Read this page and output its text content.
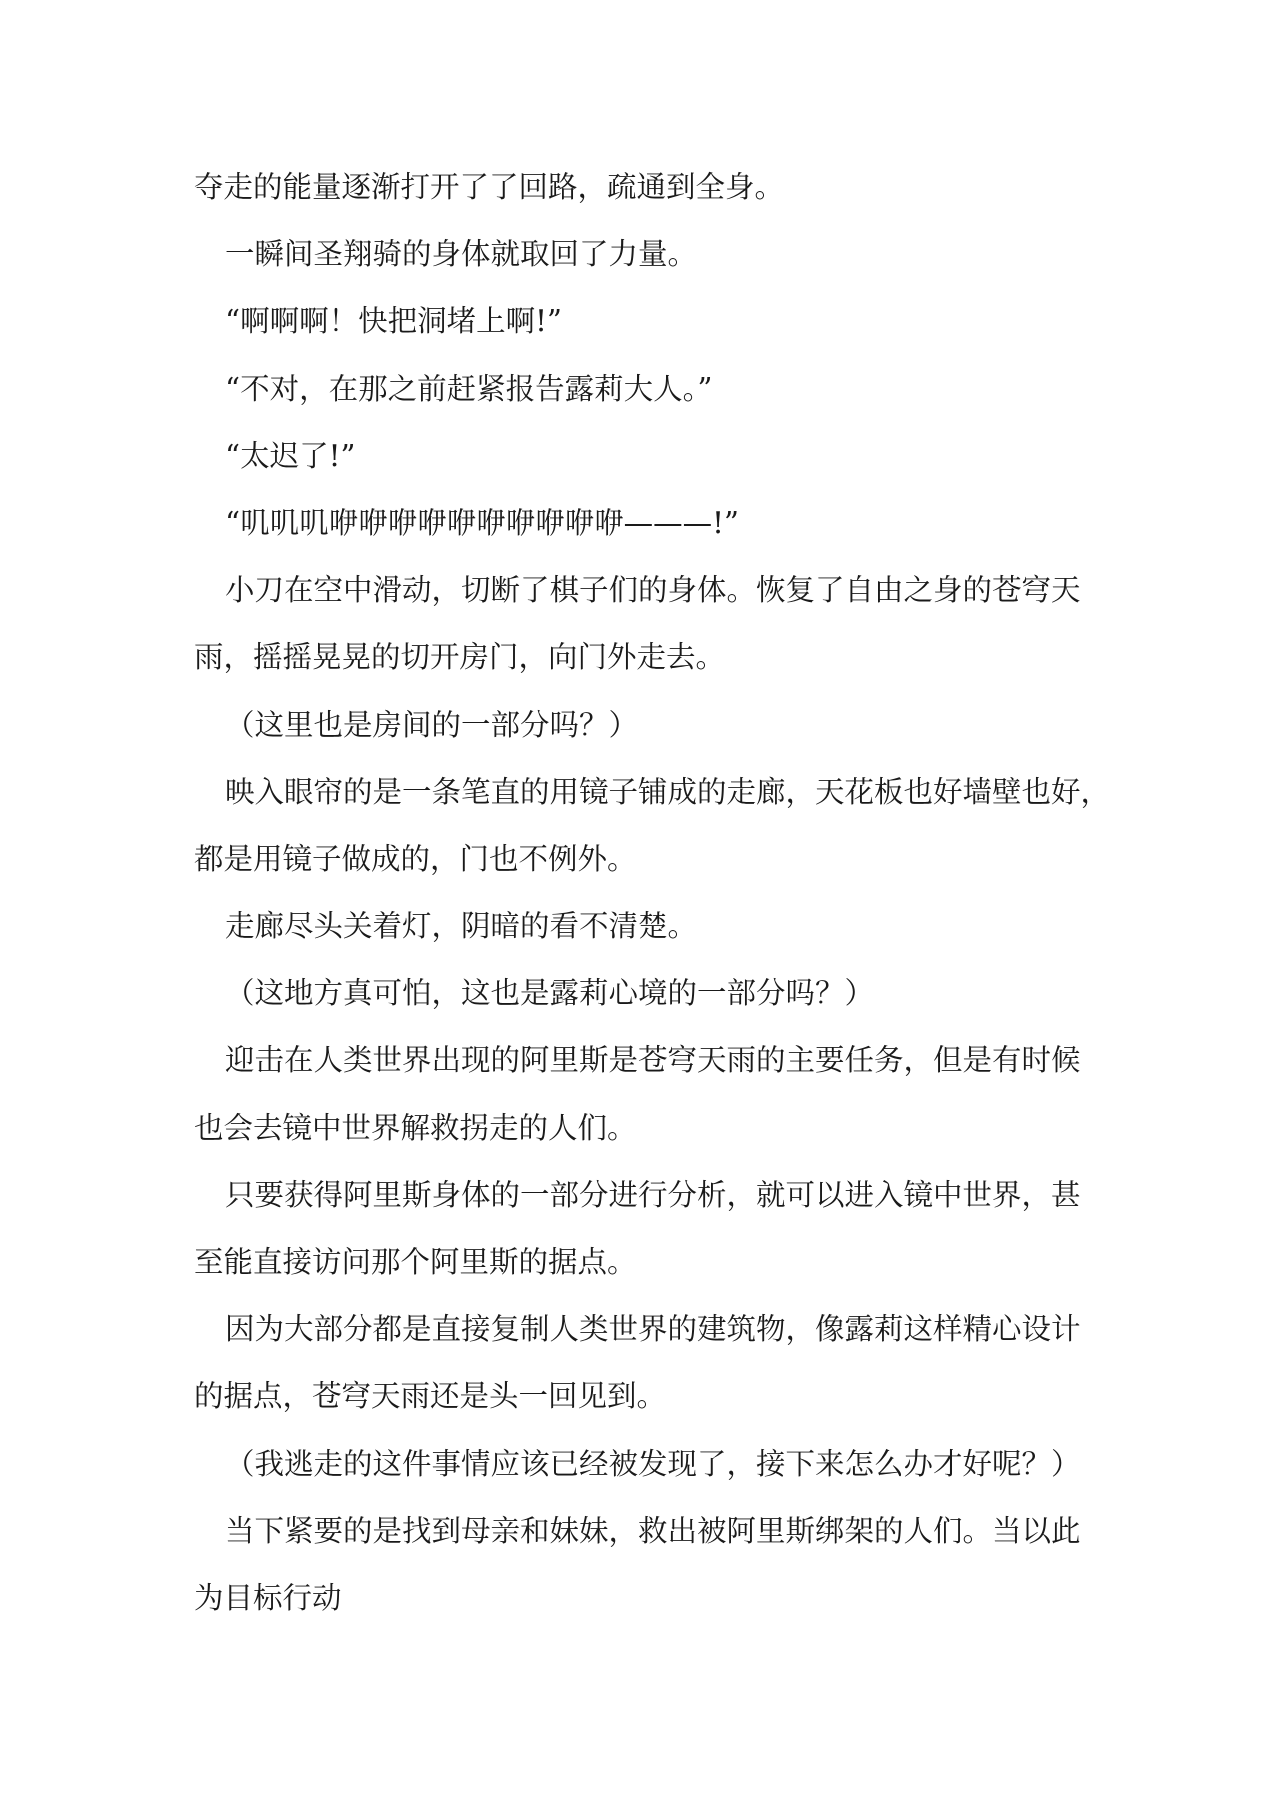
夺走的能量逐渐打开了了回路，疏通到全身。
一瞬间圣翔骑的身体就取回了力量。
“啊啊啊！快把洞堵上啊!”
“不对，在那之前赶紧报告露莉大人。”
“太迟了!”
“叽叽叽咿咿咿咿咿咿咿咿咿咿———!”
小刀在空中滑动，切断了棋子们的身体。恢复了自由之身的苍穹天
雨，摇摇晃晃的切开房门，向门外走去。
（这里也是房间的一部分吗？）
映入眼帘的是一条笔直的用镜子铺成的走廊，天花板也好墙壁也好，
都是用镜子做成的，门也不例外。
走廊尽头关着灯，阴暗的看不清楚。
（这地方真可怕，这也是露莉心境的一部分吗？）
迎击在人类世界出现的阿里斯是苍穹天雨的主要任务，但是有时候
也会去镜中世界解救拐走的人们。
只要获得阿里斯身体的一部分进行分析，就可以进入镜中世界，甚
至能直接访问那个阿里斯的据点。
因为大部分都是直接复制人类世界的建筑物，像露莉这样精心设计
的据点，苍穹天雨还是头一回见到。
（我逃走的这件事情应该已经被发现了，接下来怎么办才好呢？）
当下紧要的是找到母亲和妹妹，救出被阿里斯绑架的人们。当以此
为目标行动
